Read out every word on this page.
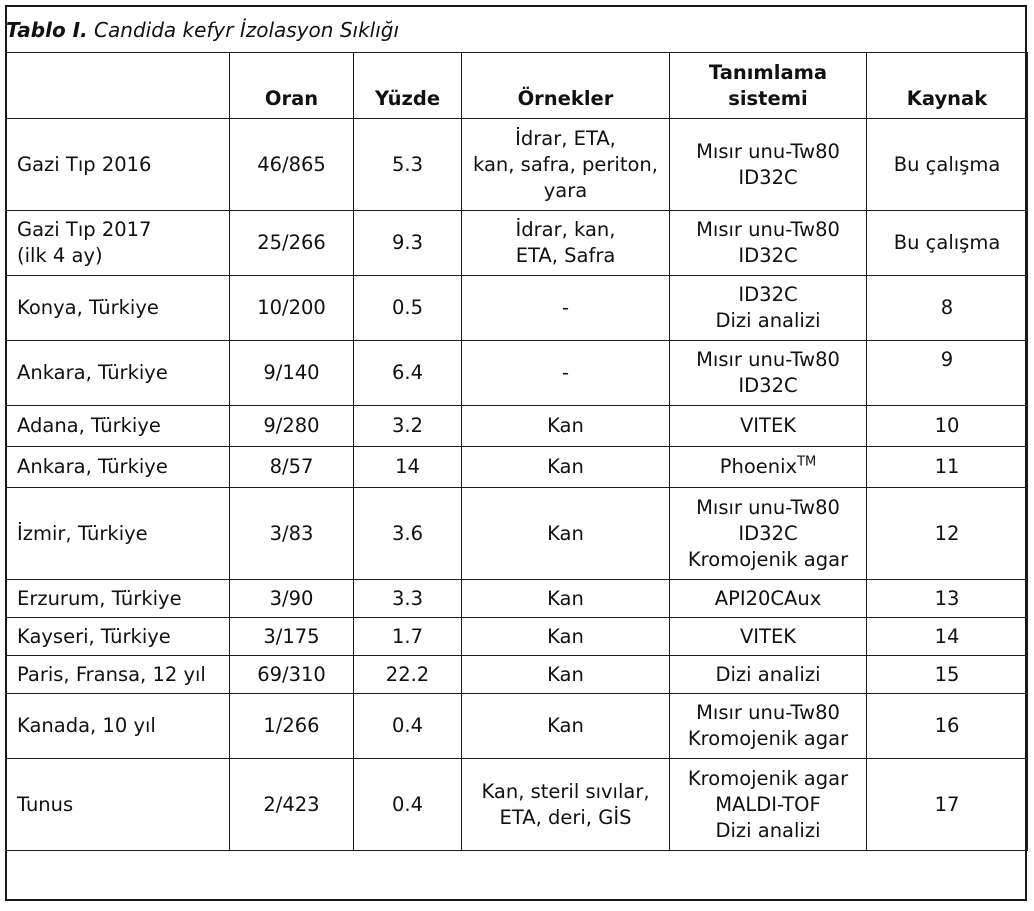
Tablo I. Candida kefyr İzolasyon Sıklığı
	Oran	Yüzde	Örnekler	Tanımlama
sistemi	Kaynak
Gazi Tıp 2016	46/865	5.3	İdrar, ETA,
kan, safra, periton,
yara	Mısır unu-Tw80
ID32C	Bu çalışma
Gazi Tıp 2017
(ilk 4 ay)	25/266	9.3	İdrar, kan,
ETA, Safra	Mısır unu-Tw80
ID32C	Bu çalışma
Konya, Türkiye	10/200	0.5	-	ID32C
Dizi analizi	8
Ankara, Türkiye	9/140	6.4	-	Mısır unu-Tw80
ID32C	9
Adana, Türkiye	9/280	3.2	Kan	VITEK	10
Ankara, Türkiye	8/57	14	Kan	Phoenix™	11
İzmir, Türkiye	3/83	3.6	Kan	Mısır unu-Tw80
ID32C
Kromojenik agar	12
Erzurum, Türkiye	3/90	3.3	Kan	API20CAux	13
Kayseri, Türkiye	3/175	1.7	Kan	VITEK	14
Paris, Fransa, 12 yıl	69/310	22.2	Kan	Dizi analizi	15
Kanada, 10 yıl	1/266	0.4	Kan	Mısır unu-Tw80
Kromojenik agar	16
Tunus	2/423	0.4	Kan, steril sıvılar,
ETA, deri, GİS	Kromojenik agar
MALDI-TOF
Dizi analizi	17
